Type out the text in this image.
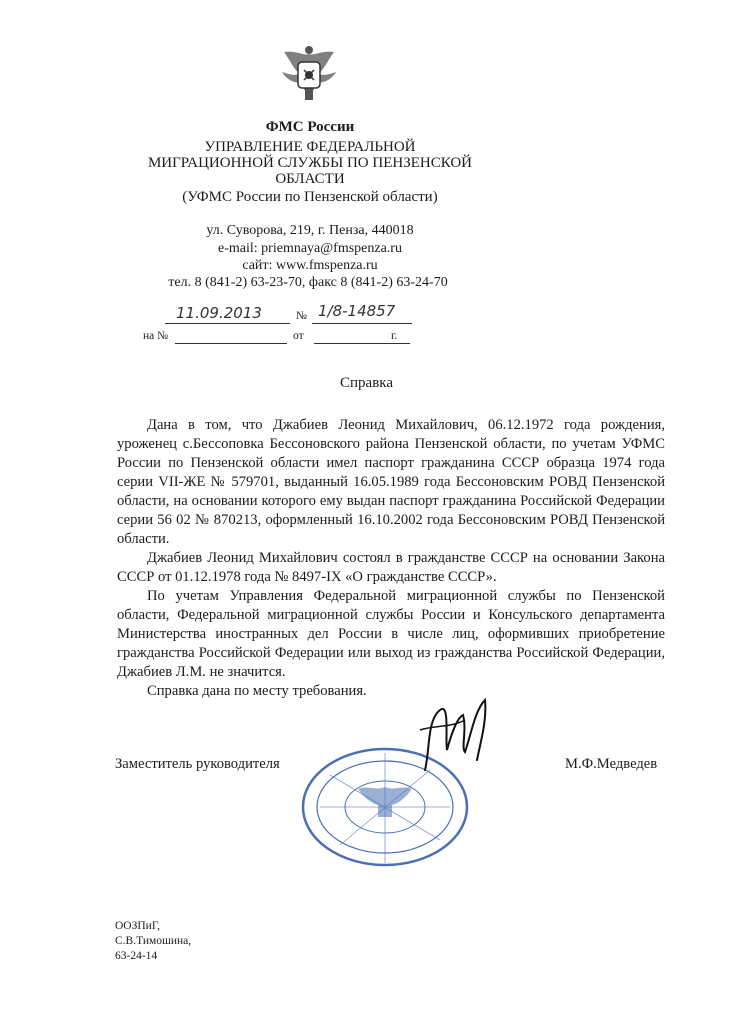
ФМС России
УПРАВЛЕНИЕ ФЕДЕРАЛЬНОЙ
МИГРАЦИОННОЙ СЛУЖБЫ ПО ПЕНЗЕНСКОЙ
ОБЛАСТИ
(УФМС России по Пензенской области)
ул. Суворова, 219, г. Пенза, 440018
e-mail: priemnaya@fmspenza.ru
сайт: www.fmspenza.ru
тел. 8 (841-2) 63-23-70, факс 8 (841-2) 63-24-70
11.09.2013	№ 1/8-14857
на №	от	г.
Справка

Дана в том, что Джабиев Леонид Михайлович, 06.12.1972 года рождения, уроженец с.Бессоповка Бессоновского района Пензенской области, по учетам УФМС России по Пензенской области имел паспорт гражданина СССР образца 1974 года серии VII-ЖЕ № 579701, выданный 16.05.1989 года Бессоновским РОВД Пензенской области, на основании которого ему выдан паспорт гражданина Российской Федерации серии 56 02 № 870213, оформленный 16.10.2002 года Бессоновским РОВД Пензенской области.

Джабиев Леонид Михайлович состоял в гражданстве СССР на основании Закона СССР от 01.12.1978 года № 8497-IX «О гражданстве СССР».

По учетам Управления Федеральной миграционной службы по Пензенской области, Федеральной миграционной службы России и Консульского департамента Министерства иностранных дел России в числе лиц, оформивших приобретение гражданства Российской Федерации или выход из гражданства Российской Федерации, Джабиев Л.М. не значится.

Справка дана по месту требования.

Заместитель руководителя	М.Ф.Медведев
ООЗПиГ,
С.В.Тимошина,
63-24-14
